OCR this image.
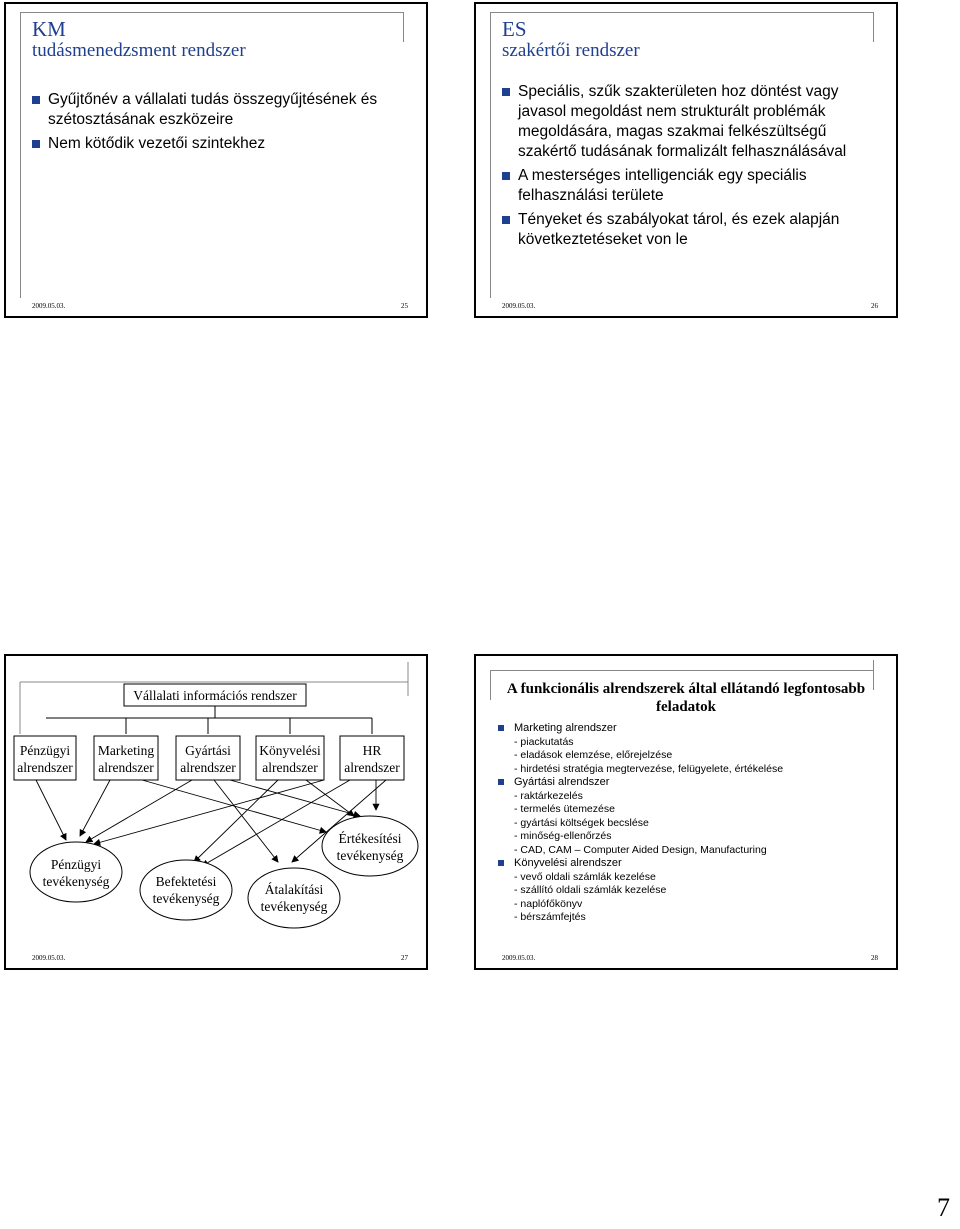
KM
tudásmenedzsment rendszer
Gyűjtőnév a vállalati tudás összegyűjtésének és szétosztásának eszközeire
Nem kötődik vezetői szintekhez
2009.05.03.	25
ES
szakértői rendszer
Speciális, szűk szakterületen hoz döntést vagy javasol megoldást nem strukturált problémák megoldására, magas szakmai felkészültségű szakértő tudásának formalizált felhasználásával
A mesterséges intelligenciák egy speciális felhasználási területe
Tényeket és szabályokat tárol, és ezek alapján következtetéseket von le
2009.05.03.	26
Vállalati információs rendszer
Pénzügyi
alrendszer
Marketing
alrendszer
Gyártási
alrendszer
Könyvelési
alrendszer
HR
alrendszer
Pénzügyi
tevékenység	Befektetési
tevékenység
Átalakítási
tevékenység
Értékesítési
tevékenység
2009.05.03.	27
A funkcionális alrendszerek által ellátandó legfontosabb feladatok
Marketing alrendszer
- piackutatás
- eladások elemzése, előrejelzése
- hirdetési stratégia megtervezése, felügyelete, értékelése
Gyártási alrendszer
- raktárkezelés
- termelés ütemezése
- gyártási költségek becslése
- minőség-ellenőrzés
- CAD, CAM – Computer Aided Design, Manufacturing
Könyvelési alrendszer
- vevő oldali számlák kezelése
- szállító oldali számlák kezelése
- naplófőkönyv
- bérszámfejtés
2009.05.03.	28
7
